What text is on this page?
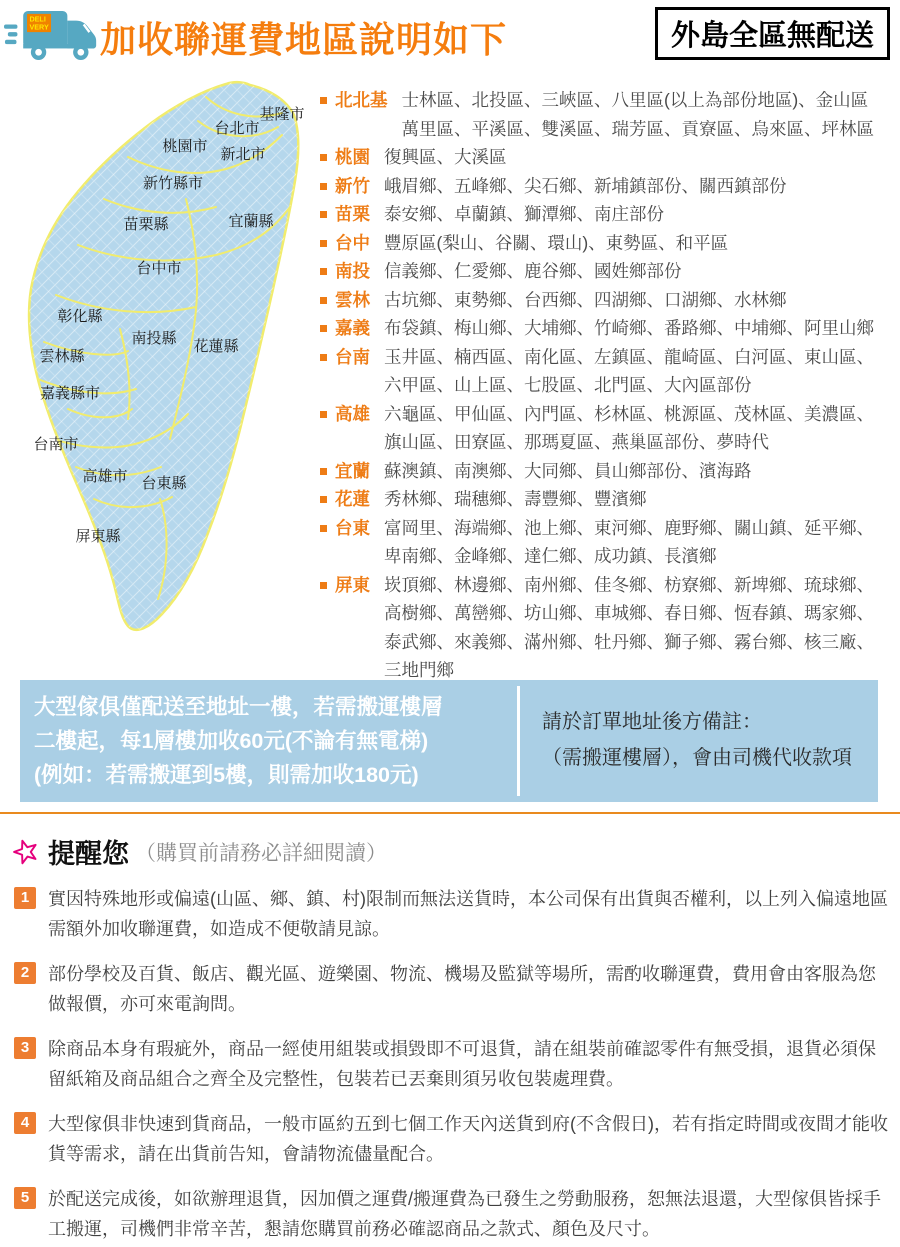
DELI
VERY 加收聯運費地區說明如下	外島全區無配送
基隆市
台北市
桃園市 新北市
新竹縣市
苗栗縣	宜蘭縣
台中市
彰化縣
南投縣 花蓮縣
雲林縣
嘉義縣市
台南市
高雄市 台東縣
屏東縣
北北基 士林區、北投區、三峽區、八里區(以上為部份地區)、金山區
萬里區、平溪區、雙溪區、瑞芳區、貢寮區、烏來區、坪林區
桃園 復興區、大溪區
新竹 峨眉鄉、五峰鄉、尖石鄉、新埔鎮部份、關西鎮部份
苗栗 泰安鄉、卓蘭鎮、獅潭鄉、南庄部份
台中 豐原區(梨山、谷關、環山)、東勢區、和平區
南投 信義鄉、仁愛鄉、鹿谷鄉、國姓鄉部份
雲林 古坑鄉、東勢鄉、台西鄉、四湖鄉、口湖鄉、水林鄉
嘉義 布袋鎮、梅山鄉、大埔鄉、竹崎鄉、番路鄉、中埔鄉、阿里山鄉
台南 玉井區、楠西區、南化區、左鎮區、龍崎區、白河區、東山區、
六甲區、山上區、七股區、北門區、大內區部份
高雄 六龜區、甲仙區、內門區、杉林區、桃源區、茂林區、美濃區、
旗山區、田寮區、那瑪夏區、燕巢區部份、夢時代
宜蘭 蘇澳鎮、南澳鄉、大同鄉、員山鄉部份、濱海路
花蓮 秀林鄉、瑞穗鄉、壽豐鄉、豐濱鄉
台東 富岡里、海端鄉、池上鄉、東河鄉、鹿野鄉、關山鎮、延平鄉、
卑南鄉、金峰鄉、達仁鄉、成功鎮、長濱鄉
屏東 崁頂鄉、林邊鄉、南州鄉、佳冬鄉、枋寮鄉、新埤鄉、琉球鄉、
高樹鄉、萬巒鄉、坊山鄉、車城鄉、春日鄉、恆春鎮、瑪家鄉、
泰武鄉、來義鄉、滿州鄉、牡丹鄉、獅子鄉、霧台鄉、核三廠、
三地門鄉
大型傢俱僅配送至地址一樓，若需搬運樓層
二樓起，每1層樓加收60元(不論有無電梯)
(例如：若需搬運到5樓，則需加收180元)
請於訂單地址後方備註：
（需搬運樓層），會由司機代收款項
提醒您 （購買前請務必詳細閱讀）
1	實因特殊地形或偏遠(山區、鄉、鎮、村)限制而無法送貨時，本公司保有出貨與否權利，以上列入偏遠地區需額外加收聯運費，如造成不便敬請見諒。
2	部份學校及百貨、飯店、觀光區、遊樂園、物流、機場及監獄等場所，需酌收聯運費，費用會由客服為您做報價，亦可來電詢問。
3	除商品本身有瑕疵外，商品一經使用組裝或損毀即不可退貨，請在組裝前確認零件有無受損，退貨必須保留紙箱及商品組合之齊全及完整性，包裝若已丟棄則須另收包裝處理費。
4	大型傢俱非快速到貨商品，一般市區約五到七個工作天內送貨到府(不含假日)，若有指定時間或夜間才能收貨等需求，請在出貨前告知，會請物流儘量配合。
5	於配送完成後，如欲辦理退貨，因加價之運費/搬運費為已發生之勞動服務，恕無法退還，大型傢俱皆採手工搬運，司機們非常辛苦，懇請您購買前務必確認商品之款式、顏色及尺寸。
